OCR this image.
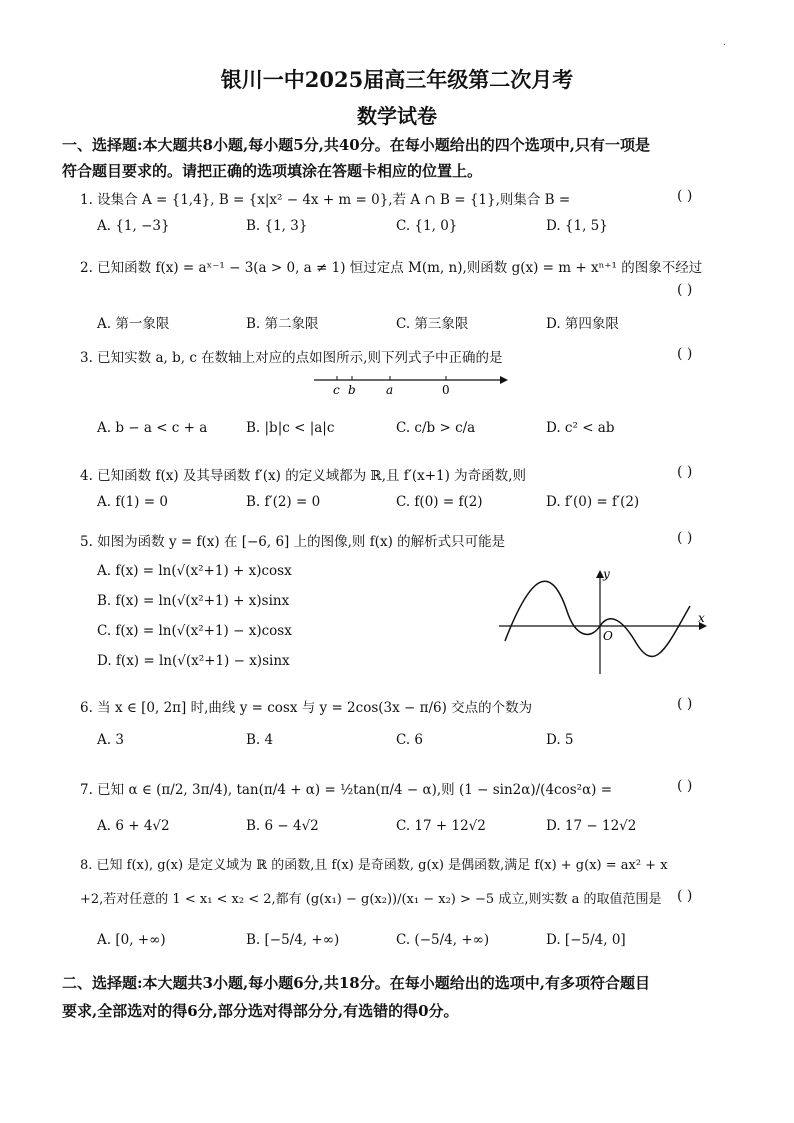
·
银川一中2025届高三年级第二次月考
数学试卷
一、选择题:本大题共8小题,每小题5分,共40分。在每小题给出的四个选项中,只有一项是
符合题目要求的。请把正确的选项填涂在答题卡相应的位置上。
1. 设集合 A = {1,4}, B = {x|x² − 4x + m = 0},若 A ∩ B = {1},则集合 B =	( )
A. {1, −3}	B. {1, 3}	C. {1, 0}	D. {1, 5}
2. 已知函数 f(x) = aˣ⁻¹ − 3(a > 0, a ≠ 1) 恒过定点 M(m, n),则函数 g(x) = m + xⁿ⁺¹ 的图象不经过
( )
A. 第一象限	B. 第二象限	C. 第三象限	D. 第四象限
3. 已知实数 a, b, c 在数轴上对应的点如图所示,则下列式子中正确的是	( )
c b	a	0
A. b − a < c + a	B. |b|c < |a|c	C. c/b > c/a	D. c² < ab
4. 已知函数 f(x) 及其导函数 f′(x) 的定义域都为 ℝ,且 f′(x+1) 为奇函数,则	( )
A. f(1) = 0	B. f′(2) = 0	C. f(0) = f(2)	D. f′(0) = f′(2)
5. 如图为函数 y = f(x) 在 [−6, 6] 上的图像,则 f(x) 的解析式只可能是	( )
A. f(x) = ln(√(x²+1) + x)cosx
B. f(x) = ln(√(x²+1) + x)sinx
C. f(x) = ln(√(x²+1) − x)cosx
D. f(x) = ln(√(x²+1) − x)sinx
y
x
O
6. 当 x ∈ [0, 2π] 时,曲线 y = cosx 与 y = 2cos(3x − π/6) 交点的个数为	( )
A. 3	B. 4	C. 6	D. 5
7. 已知 α ∈ (π/2, 3π/4), tan(π/4 + α) = ½tan(π/4 − α),则 (1 − sin2α)/(4cos²α) =	( )
A. 6 + 4√2	B. 6 − 4√2	C. 17 + 12√2	D. 17 − 12√2
8. 已知 f(x), g(x) 是定义域为 ℝ 的函数,且 f(x) 是奇函数, g(x) 是偶函数,满足 f(x) + g(x) = ax² + x
+2,若对任意的 1 < x₁ < x₂ < 2,都有 (g(x₁) − g(x₂))/(x₁ − x₂) > −5 成立,则实数 a 的取值范围是 ( )
A. [0, +∞)	B. [−5/4, +∞)	C. (−5/4, +∞)	D. [−5/4, 0]
二、选择题:本大题共3小题,每小题6分,共18分。在每小题给出的选项中,有多项符合题目
要求,全部选对的得6分,部分选对得部分分,有选错的得0分。
